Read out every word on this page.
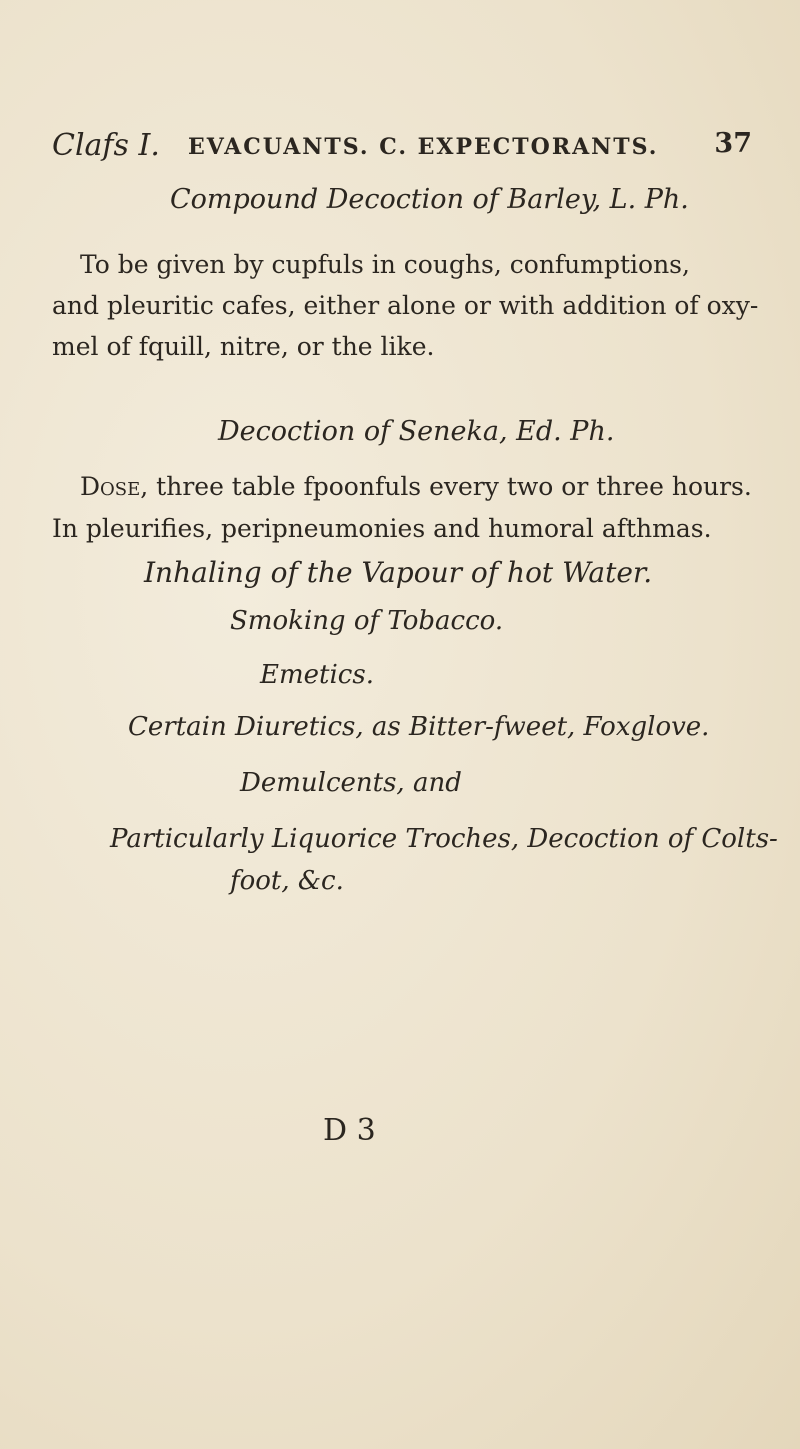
Clafs I. EVACUANTS. C. EXPECTORANTS. 37
Compound Decoction of Barley, L. Ph.
To be given by cupfuls in coughs, confumptions,
and pleuritic cafes, either alone or with addition of oxy-
mel of fquill, nitre, or the like.
Decoction of Seneka, Ed. Ph.
Dose, three table fpoonfuls every two or three hours.
In pleurifies, peripneumonies and humoral afthmas.
Inhaling of the Vapour of hot Water.
Smoking of Tobacco.
Emetics.
Certain Diuretics, as Bitter-fweet, Foxglove.
Demulcents, and
Particularly Liquorice Troches, Decoction of Colts-
foot, &c.
D 3
